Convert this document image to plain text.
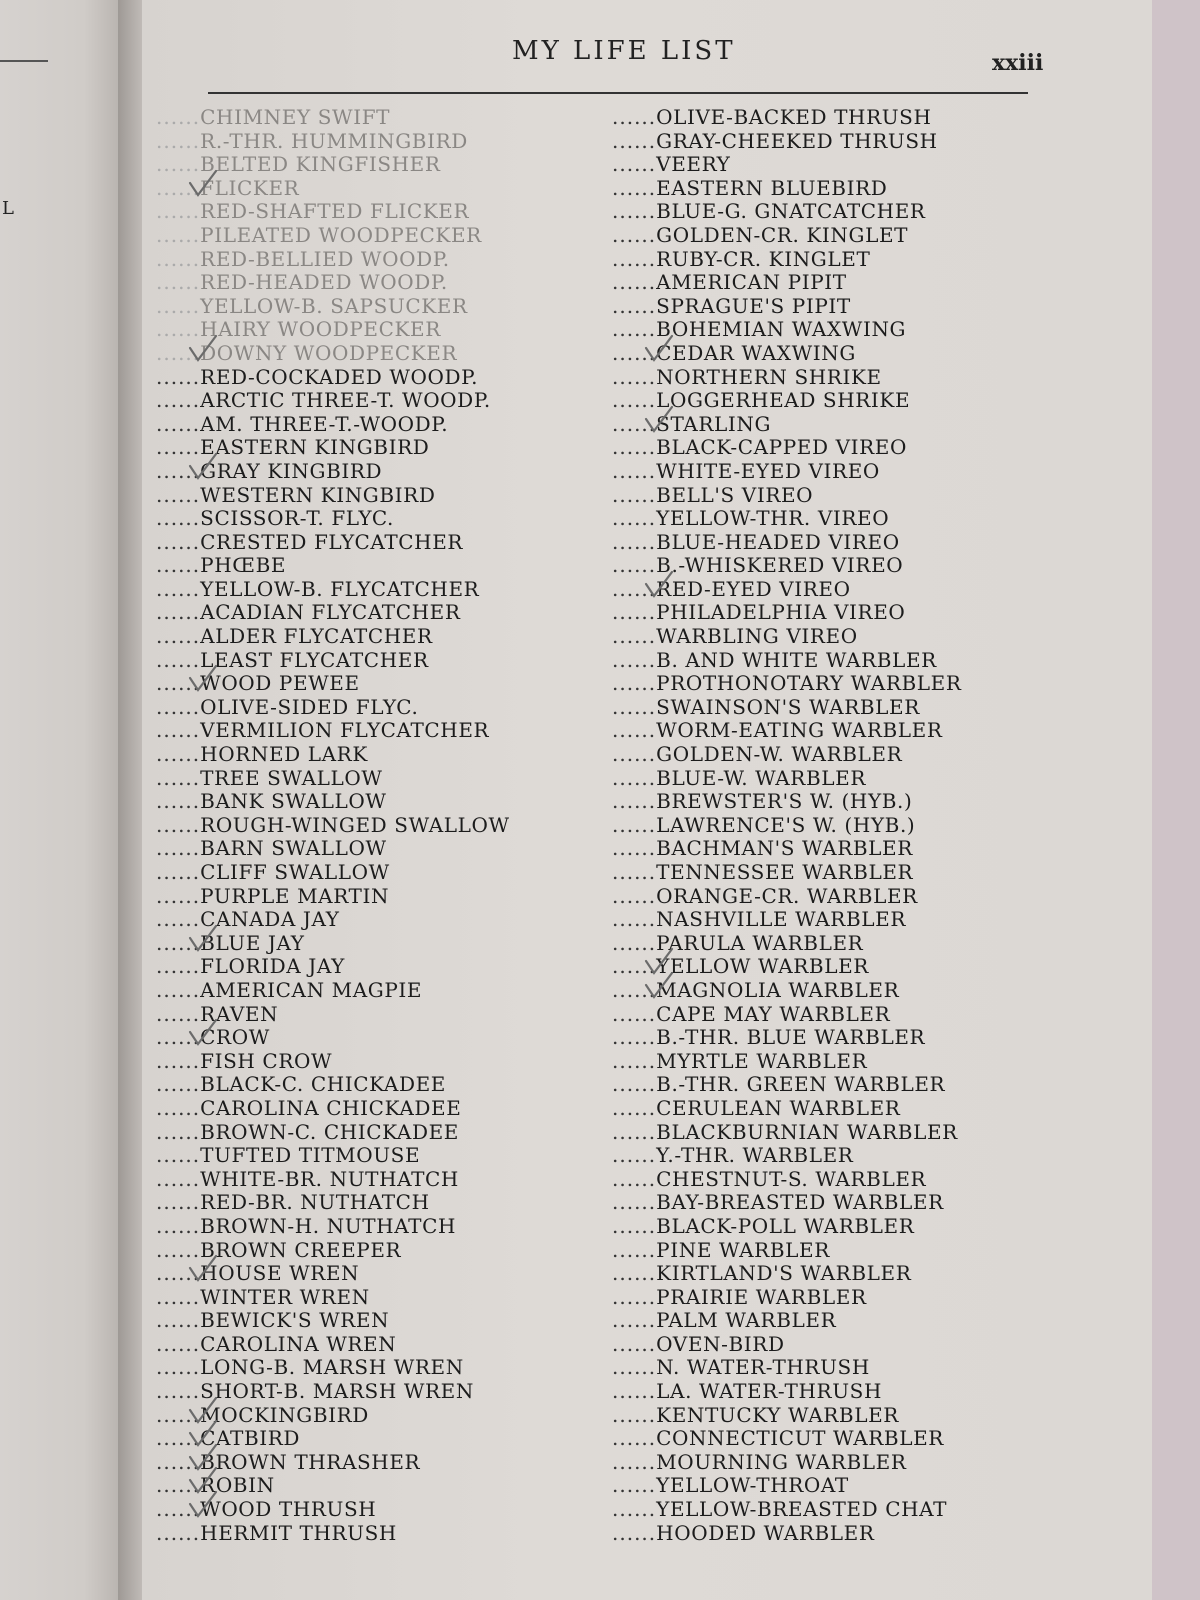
L
MY LIFE LIST	xxiii
......CHIMNEY SWIFT
......R.-THR. HUMMINGBIRD
......BELTED KINGFISHER
......FLICKER
......RED-SHAFTED FLICKER
......PILEATED WOODPECKER
......RED-BELLIED WOODP.
......RED-HEADED WOODP.
......YELLOW-B. SAPSUCKER
......HAIRY WOODPECKER
......DOWNY WOODPECKER
......RED-COCKADED WOODP.
......ARCTIC THREE-T. WOODP.
......AM. THREE-T.-WOODP.
......EASTERN KINGBIRD
......GRAY KINGBIRD
......WESTERN KINGBIRD
......SCISSOR-T. FLYC.
......CRESTED FLYCATCHER
......PHŒBE
......YELLOW-B. FLYCATCHER
......ACADIAN FLYCATCHER
......ALDER FLYCATCHER
......LEAST FLYCATCHER
......WOOD PEWEE
......OLIVE-SIDED FLYC.
......VERMILION FLYCATCHER
......HORNED LARK
......TREE SWALLOW
......BANK SWALLOW
......ROUGH-WINGED SWALLOW
......BARN SWALLOW
......CLIFF SWALLOW
......PURPLE MARTIN
......CANADA JAY
......BLUE JAY
......FLORIDA JAY
......AMERICAN MAGPIE
......RAVEN
......CROW
......FISH CROW
......BLACK-C. CHICKADEE
......CAROLINA CHICKADEE
......BROWN-C. CHICKADEE
......TUFTED TITMOUSE
......WHITE-BR. NUTHATCH
......RED-BR. NUTHATCH
......BROWN-H. NUTHATCH
......BROWN CREEPER
......HOUSE WREN
......WINTER WREN
......BEWICK'S WREN
......CAROLINA WREN
......LONG-B. MARSH WREN
......SHORT-B. MARSH WREN
......MOCKINGBIRD
......CATBIRD
......BROWN THRASHER
......ROBIN
......WOOD THRUSH
......HERMIT THRUSH
......OLIVE-BACKED THRUSH
......GRAY-CHEEKED THRUSH
......VEERY
......EASTERN BLUEBIRD
......BLUE-G. GNATCATCHER
......GOLDEN-CR. KINGLET
......RUBY-CR. KINGLET
......AMERICAN PIPIT
......SPRAGUE'S PIPIT
......BOHEMIAN WAXWING
......CEDAR WAXWING
......NORTHERN SHRIKE
......LOGGERHEAD SHRIKE
......STARLING
......BLACK-CAPPED VIREO
......WHITE-EYED VIREO
......BELL'S VIREO
......YELLOW-THR. VIREO
......BLUE-HEADED VIREO
......B.-WHISKERED VIREO
......RED-EYED VIREO
......PHILADELPHIA VIREO
......WARBLING VIREO
......B. AND WHITE WARBLER
......PROTHONOTARY WARBLER
......SWAINSON'S WARBLER
......WORM-EATING WARBLER
......GOLDEN-W. WARBLER
......BLUE-W. WARBLER
......BREWSTER'S W. (HYB.)
......LAWRENCE'S W. (HYB.)
......BACHMAN'S WARBLER
......TENNESSEE WARBLER
......ORANGE-CR. WARBLER
......NASHVILLE WARBLER
......PARULA WARBLER
......YELLOW WARBLER
......MAGNOLIA WARBLER
......CAPE MAY WARBLER
......B.-THR. BLUE WARBLER
......MYRTLE WARBLER
......B.-THR. GREEN WARBLER
......CERULEAN WARBLER
......BLACKBURNIAN WARBLER
......Y.-THR. WARBLER
......CHESTNUT-S. WARBLER
......BAY-BREASTED WARBLER
......BLACK-POLL WARBLER
......PINE WARBLER
......KIRTLAND'S WARBLER
......PRAIRIE WARBLER
......PALM WARBLER
......OVEN-BIRD
......N. WATER-THRUSH
......LA. WATER-THRUSH
......KENTUCKY WARBLER
......CONNECTICUT WARBLER
......MOURNING WARBLER
......YELLOW-THROAT
......YELLOW-BREASTED CHAT
......HOODED WARBLER
